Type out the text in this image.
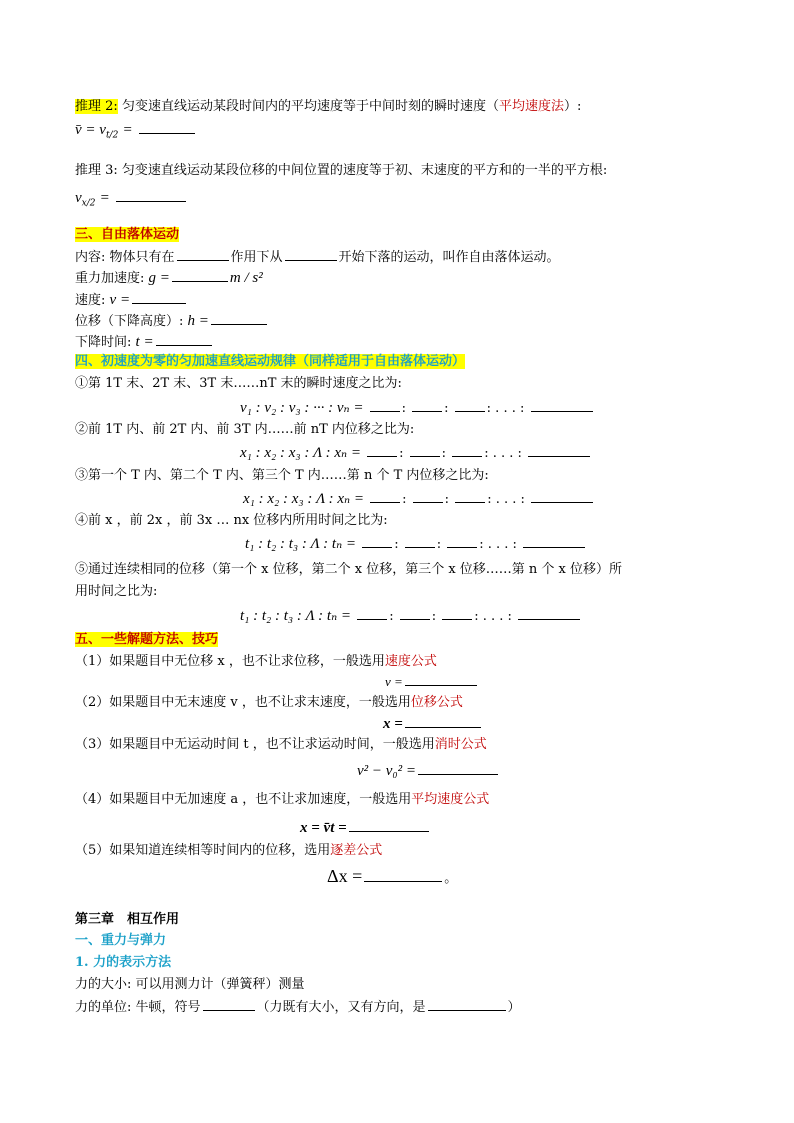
推理 2: 匀变速直线运动某段时间内的平均速度等于中间时刻的瞬时速度（平均速度法）:
v̄ = $v_{t/2}$ =
推理 3: 匀变速直线运动某段位移的中间位置的速度等于初、末速度的平方和的一半的平方根:
$v_{x/2}$ =
三、自由落体运动
内容: 物体只有在	作用下从	开始下落的运动，叫作自由落体运动。
重力加速度: g =	m / s²
速度: v =
位移（下降高度）: h =
下降时间: t =
四、初速度为零的匀加速直线运动规律（同样适用于自由落体运动）
①第 1T 末、2T 末、3T 末……nT 末的瞬时速度之比为:
v₁ : v₂ : v₃ : ··· : vₙ =	:	:	: . . . :
②前 1T 内、前 2T 内、前 3T 内……前 nT 内位移之比为:
x₁ : x₂ : x₃ : Λ : xₙ =	:	:	: . . . :
③第一个 T 内、第二个 T 内、第三个 T 内……第 n 个 T 内位移之比为:
x₁ : x₂ : x₃ : Λ : xₙ =	:	:	: . . . :
④前 x ，前 2x ，前 3x … nx 位移内所用时间之比为:
t₁ : t₂ : t₃ : Λ : tₙ =	:	:	: . . . :
⑤通过连续相同的位移（第一个 x 位移，第二个 x 位移，第三个 x 位移……第 n 个 x 位移）所
用时间之比为:
t₁ : t₂ : t₃ : Λ : tₙ =	:	:	: . . . :
五、一些解题方法、技巧
（1）如果题目中无位移 x ，也不让求位移，一般选用速度公式
v =
（2）如果题目中无末速度 v ，也不让求末速度，一般选用位移公式
x =
（3）如果题目中无运动时间 t ，也不让求运动时间，一般选用消时公式
v² − v₀² =
（4）如果题目中无加速度 a ，也不让求加速度，一般选用平均速度公式
x = v̄t =
（5）如果知道连续相等时间内的位移，选用逐差公式
Δx =	。
第三章　相互作用
一、重力与弹力
1. 力的表示方法
力的大小: 可以用测力计（弹簧秤）测量
力的单位: 牛顿，符号	（力既有大小，又有方向，是	）
